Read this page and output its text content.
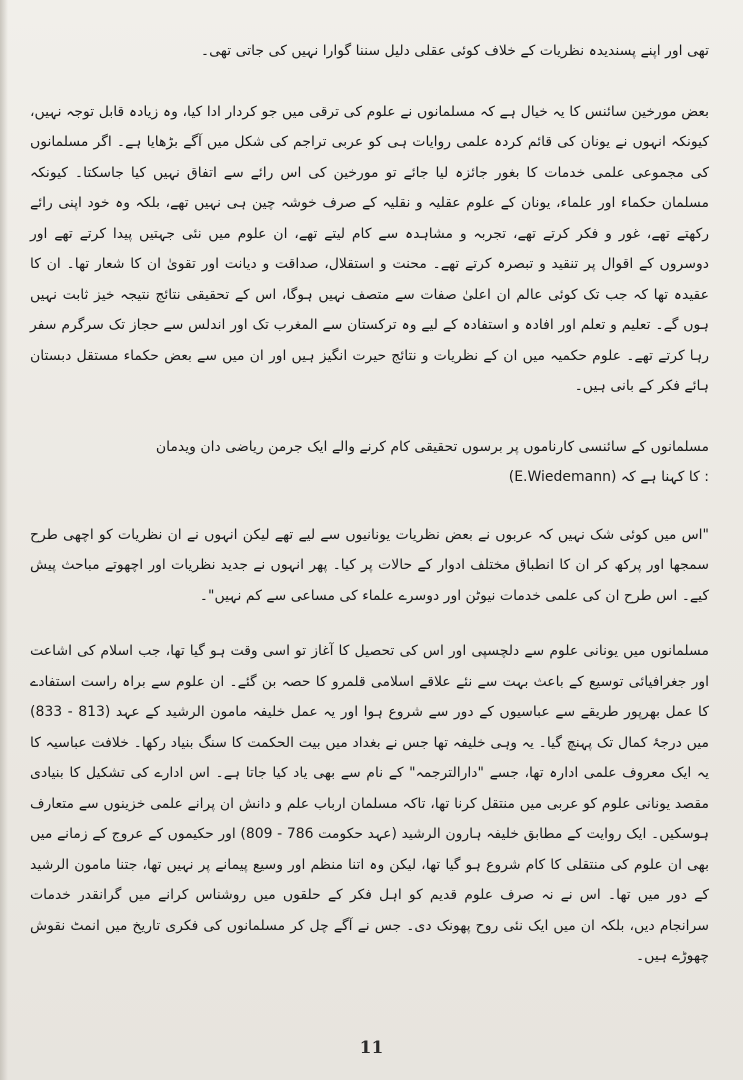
تھی اور اپنے پسندیدہ نظریات کے خلاف کوئی عقلی دلیل سننا گوارا نہیں کی جاتی تھی۔

بعض مورخین سائنس کا یہ خیال ہے کہ مسلمانوں نے علوم کی ترقی میں جو کردار ادا کیا، وہ زیادہ قابل توجہ نہیں، کیونکہ انہوں نے یونان کی قائم کردہ علمی روایات ہی کو عربی تراجم کی شکل میں آگے بڑھایا ہے۔ اگر مسلمانوں کی مجموعی علمی خدمات کا بغور جائزہ لیا جائے تو مورخین کی اس رائے سے اتفاق نہیں کیا جاسکتا۔ کیونکہ مسلمان حکماء اور علماء، یونان کے علوم عقلیہ و نقلیہ کے صرف خوشہ چین ہی نہیں تھے، بلکہ وہ خود اپنی رائے رکھتے تھے، غور و فکر کرتے تھے، تجربہ و مشاہدہ سے کام لیتے تھے، ان علوم میں نئی جہتیں پیدا کرتے تھے اور دوسروں کے اقوال پر تنقید و تبصرہ کرتے تھے۔ محنت و استقلال، صداقت و دیانت اور تقویٰ ان کا شعار تھا۔ ان کا عقیدہ تھا کہ جب تک کوئی عالم ان اعلیٰ صفات سے متصف نہیں ہوگا، اس کے تحقیقی نتائج نتیجہ خیز ثابت نہیں ہوں گے۔ تعلیم و تعلم اور افادہ و استفادہ کے لیے وہ ترکستان سے المغرب تک اور اندلس سے حجاز تک سرگرم سفر رہا کرتے تھے۔ علوم حکمیہ میں ان کے نظریات و نتائج حیرت انگیز ہیں اور ان میں سے بعض حکماء مستقل دبستان ہائے فکر کے بانی ہیں۔

مسلمانوں کے سائنسی کارناموں پر برسوں تحقیقی کام کرنے والے ایک جرمن ریاضی دان ویدمان

(E.Wiedemann) کا کہنا ہے کہ :

"اس میں کوئی شک نہیں کہ عربوں نے بعض نظریات یونانیوں سے لیے تھے لیکن انہوں نے ان نظریات کو اچھی طرح سمجھا اور پرکھ کر ان کا انطباق مختلف ادوار کے حالات پر کیا۔ پھر انہوں نے جدید نظریات اور اچھوتے مباحث پیش کیے۔ اس طرح ان کی علمی خدمات نیوٹن اور دوسرے علماء کی مساعی سے کم نہیں"۔

مسلمانوں میں یونانی علوم سے دلچسپی اور اس کی تحصیل کا آغاز تو اسی وقت ہو گیا تھا، جب اسلام کی اشاعت اور جغرافیائی توسیع کے باعث بہت سے نئے علاقے اسلامی قلمرو کا حصہ بن گئے۔ ان علوم سے براہ راست استفادے کا عمل بھرپور طریقے سے عباسیوں کے دور سے شروع ہوا اور یہ عمل خلیفہ مامون الرشید کے عہد (813 - 833) میں درجۂ کمال تک پہنچ گیا۔ یہ وہی خلیفہ تھا جس نے بغداد میں بیت الحکمت کا سنگ بنیاد رکھا۔ خلافت عباسیہ کا یہ ایک معروف علمی ادارہ تھا، جسے "دارالترجمہ" کے نام سے بھی یاد کیا جاتا ہے۔ اس ادارے کی تشکیل کا بنیادی مقصد یونانی علوم کو عربی میں منتقل کرنا تھا، تاکہ مسلمان ارباب علم و دانش ان پرانے علمی خزینوں سے متعارف ہوسکیں۔ ایک روایت کے مطابق خلیفہ ہارون الرشید (عہد حکومت 786 - 809) اور حکیموں کے عروج کے زمانے میں بھی ان علوم کی منتقلی کا کام شروع ہو گیا تھا، لیکن وہ اتنا منظم اور وسیع پیمانے پر نہیں تھا، جتنا مامون الرشید کے دور میں تھا۔ اس نے نہ صرف علوم قدیم کو اہل فکر کے حلقوں میں روشناس کرانے میں گرانقدر خدمات سرانجام دیں، بلکہ ان میں ایک نئی روح پھونک دی۔ جس نے آگے چل کر مسلمانوں کی فکری تاریخ میں انمٹ نقوش چھوڑے ہیں۔

11
